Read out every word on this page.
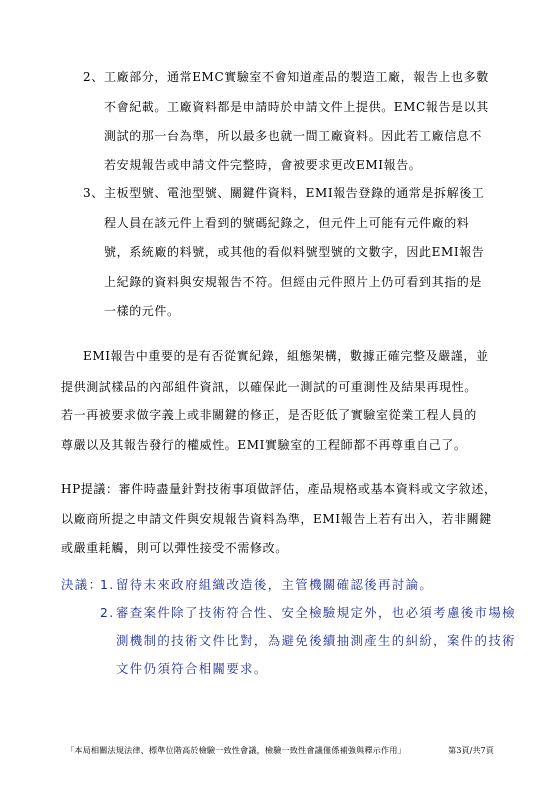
2、 工廠部分，通常EMC實驗室不會知道產品的製造工廠，報告上也多數
不會紀載。工廠資料都是申請時於申請文件上提供。EMC報告是以其
測試的那一台為準，所以最多也就一間工廠資料。因此若工廠信息不
若安規報告或申請文件完整時，會被要求更改EMI報告。
3、 主板型號、電池型號、關鍵件資料，EMI報告登錄的通常是拆解後工
程人員在該元件上看到的號碼紀錄之，但元件上可能有元件廠的料
號，系統廠的料號，或其他的看似料號型號的文數字，因此EMI報告
上紀錄的資料與安規報告不符。但經由元件照片上仍可看到其指的是
一樣的元件。
EMI報告中重要的是有否從實紀錄，組態架構，數據正確完整及嚴謹，並
提供測試樣品的內部組件資訊，以確保此一測試的可重測性及結果再現性。
若一再被要求做字義上或非關鍵的修正，是否貶低了實驗室從業工程人員的
尊嚴以及其報告發行的權威性。EMI實驗室的工程師都不再尊重自己了。
HP提議：審件時盡量針對技術事項做評估，產品規格或基本資料或文字敘述，
以廠商所提之申請文件與安規報告資料為準，EMI報告上若有出入，若非關鍵
或嚴重耗觸，則可以彈性接受不需修改。
決議：
1. 留待未來政府組織改造後，主管機關確認後再討論。
2. 審查案件除了技術符合性、安全檢驗規定外，也必須考慮後市場檢
測機制的技術文件比對，為避免後續抽測產生的糾紛，案件的技術
文件仍須符合相關要求。
「本局相關法規法律、標準位階高於檢驗一致性會議，檢驗一致性會議僅係補強與釋示作用」	第3頁/共7頁
